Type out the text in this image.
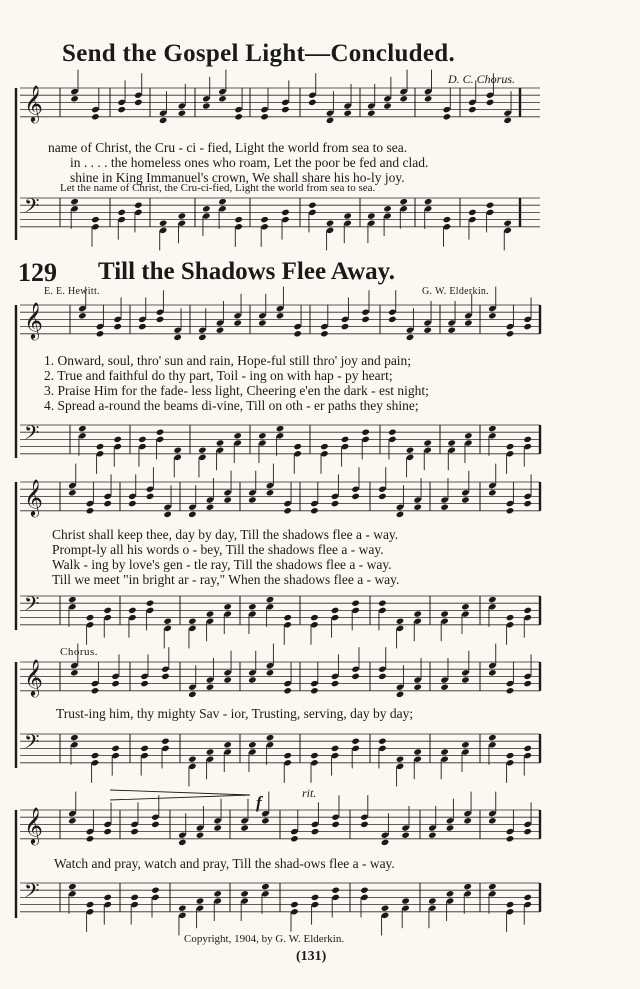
Send the Gospel Light—Concluded.
D. C. Chorus.
name of Christ, the Cru - ci - fied, Light the world from sea to sea.
in . . . . the homeless ones who roam, Let the poor be fed and clad.
shine in King Immanuel's crown, We shall share his ho-ly joy.
Let the name of Christ, the Cru-ci-fied, Light the world from sea to sea.
129 Till the Shadows Flee Away.
E. E. Hewitt.	G. W. Elderkin.
1. Onward, soul, thro' sun and rain, Hope-ful still thro' joy and pain;
2. True and faithful do thy part, Toil - ing on with hap - py heart;
3. Praise Him for the fade- less light, Cheering e'en the dark - est night;
4. Spread a-round the beams di-vine, Till on oth - er paths they shine;
Christ shall keep thee, day by day, Till the shadows flee a - way.
Prompt-ly all his words o - bey, Till the shadows flee a - way.
Walk - ing by love's gen - tle ray, Till the shadows flee a - way.
Till we meet "in bright ar - ray," When the shadows flee a - way.
Chorus.
Trust-ing him, thy mighty Sav - ior, Trusting, serving, day by day;
f	rit.
Watch and pray, watch and pray, Till the shad-ows flee a - way.
Copyright, 1904, by G. W. Elderkin.
(131)
𝄞
𝄢
𝄞
𝄢
𝄞
𝄢
𝄞
𝄢
𝄞
𝄢
